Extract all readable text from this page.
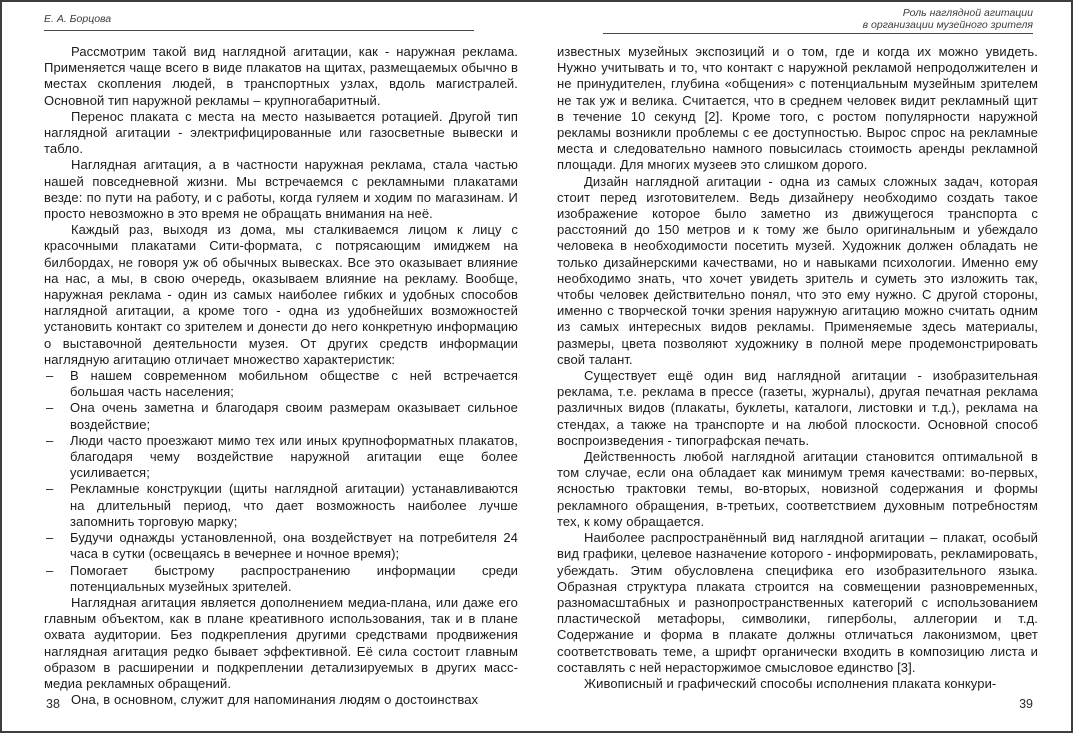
Е. А. Борцова	Роль наглядной агитации
в организации музейного зрителя
Рассмотрим такой вид наглядной агитации, как - наружная реклама. Применяется чаще всего в виде плакатов на щитах, размещаемых обычно в местах скопления людей, в транспортных узлах, вдоль магистралей. Основной тип наружной рекламы – крупногабаритный.
Перенос плаката с места на место называется ротацией. Другой тип наглядной агитации - электрифицированные или газосветные вывески и табло.
Наглядная агитация, а в частности наружная реклама, стала частью нашей повседневной жизни. Мы встречаемся с рекламными плакатами везде: по пути на работу, и с работы, когда гуляем и ходим по магазинам. И просто невозможно в это время не обращать внимания на неё.
Каждый раз, выходя из дома, мы сталкиваемся лицом к лицу с красочными плакатами Сити-формата, с потрясающим имиджем на билбордах, не говоря уж об обычных вывесках. Все это оказывает влияние на нас, а мы, в свою очередь, оказываем влияние на рекламу. Вообще, наружная реклама - один из самых наиболее гибких и удобных способов наглядной агитации, а кроме того - одна из удобнейших возможностей установить контакт со зрителем и донести до него конкретную информацию о выставочной деятельности музея. От других средств информации наглядную агитацию отличает множество характеристик:
– В нашем современном мобильном обществе с ней встречается большая часть населения;
– Она очень заметна и благодаря своим размерам оказывает сильное воздействие;
– Люди часто проезжают мимо тех или иных крупноформатных плакатов, благодаря чему воздействие наружной агитации еще более усиливается;
– Рекламные конструкции (щиты наглядной агитации) устанавливаются на длительный период, что дает возможность наиболее лучше запомнить торговую марку;
– Будучи однажды установленной, она воздействует на потребителя 24 часа в сутки (освещаясь в вечернее и ночное время);
– Помогает быстрому распространению информации среди потенциальных музейных зрителей.
Наглядная агитация является дополнением медиа-плана, или даже его главным объектом, как в плане креативного использования, так и в плане охвата аудитории. Без подкрепления другими средствами продвижения наглядная агитация редко бывает эффективной. Её сила состоит главным образом в расширении и подкреплении детализируемых в других масс-медиа рекламных обращений.
Она, в основном, служит для напоминания людям о достоинствах
известных музейных экспозиций и о том, где и когда их можно увидеть. Нужно учитывать и то, что контакт с наружной рекламой непродолжителен и не принудителен, глубина «общения» с потенциальным музейным зрителем не так уж и велика. Считается, что в среднем человек видит рекламный щит в течение 10 секунд [2]. Кроме того, с ростом популярности наружной рекламы возникли проблемы с ее доступностью. Вырос спрос на рекламные места и следовательно намного повысилась стоимость аренды рекламной площади. Для многих музеев это слишком дорого.
Дизайн наглядной агитации - одна из самых сложных задач, которая стоит перед изготовителем. Ведь дизайнеру необходимо создать такое изображение которое было заметно из движущегося транспорта с расстояний до 150 метров и к тому же было оригинальным и убеждало человека в необходимости посетить музей. Художник должен обладать не только дизайнерскими качествами, но и навыками психологии. Именно ему необходимо знать, что хочет увидеть зритель и суметь это изложить так, чтобы человек действительно понял, что это ему нужно. С другой стороны, именно с творческой точки зрения наружную агитацию можно считать одним из самых интересных видов рекламы. Применяемые здесь материалы, размеры, цвета позволяют художнику в полной мере продемонстрировать свой талант.
Существует ещё один вид наглядной агитации - изобразительная реклама, т.е. реклама в прессе (газеты, журналы), другая печатная реклама различных видов (плакаты, буклеты, каталоги, листовки и т.д.), реклама на стендах, а также на транспорте и на любой плоскости. Основной способ воспроизведения - типографская печать.
Действенность любой наглядной агитации становится оптимальной в том случае, если она обладает как минимум тремя качествами: во-первых, ясностью трактовки темы, во-вторых, новизной содержания и формы рекламного обращения, в-третьих, соответствием духовным потребностям тех, к кому обращается.
Наиболее распространённый вид наглядной агитации – плакат, особый вид графики, целевое назначение которого - информировать, рекламировать, убеждать. Этим обусловлена специфика его изобразительного языка. Образная структура плаката строится на совмещении разновременных, разномасштабных и разнопространственных категорий с использованием пластической метафоры, символики, гиперболы, аллегории и т.д. Содержание и форма в плакате должны отличаться лаконизмом, цвет соответствовать теме, а шрифт органически входить в композицию листа и составлять с ней нерасторжимое смысловое единство [3].
Живописный и графический способы исполнения плаката конкури-
38	39
